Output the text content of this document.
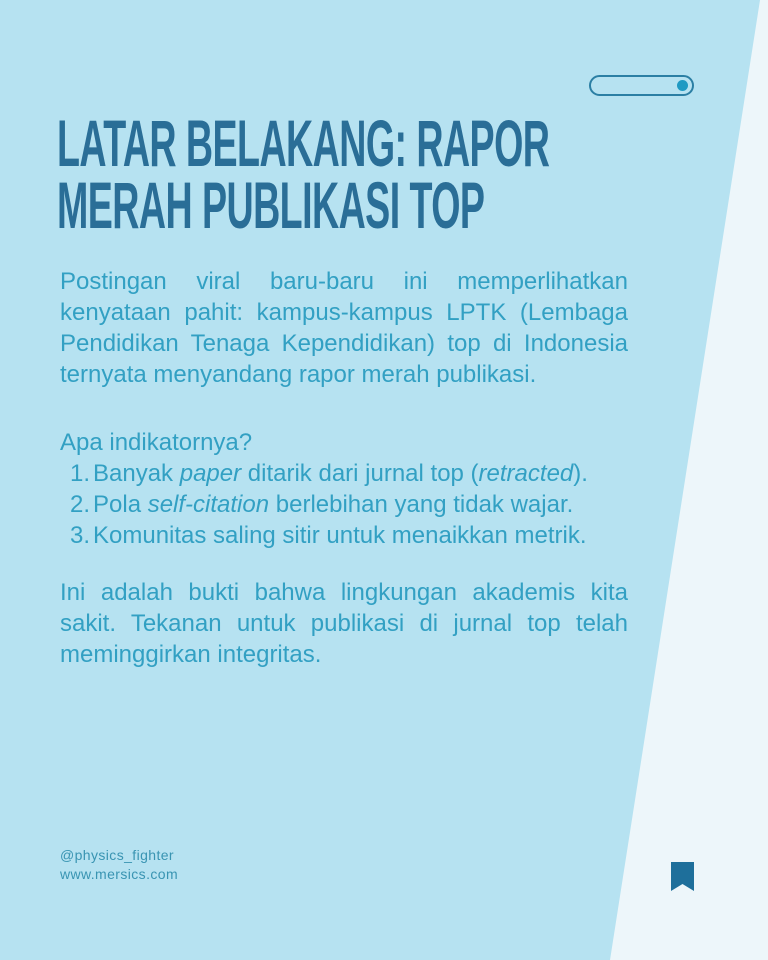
LATAR BELAKANG: RAPOR
MERAH PUBLIKASI TOP

Postingan viral baru-baru ini memperlihatkan kenyataan pahit: kampus-kampus LPTK (Lembaga Pendidikan Tenaga Kependidikan) top di Indonesia ternyata menyandang rapor merah publikasi.

Apa indikatornya?

1. Banyak paper ditarik dari jurnal top (retracted).
2. Pola self-citation berlebihan yang tidak wajar.
3. Komunitas saling sitir untuk menaikkan metrik.

Ini adalah bukti bahwa lingkungan akademis kita sakit. Tekanan untuk publikasi di jurnal top telah meminggirkan integritas.

@physics_fighter
www.mersics.com
